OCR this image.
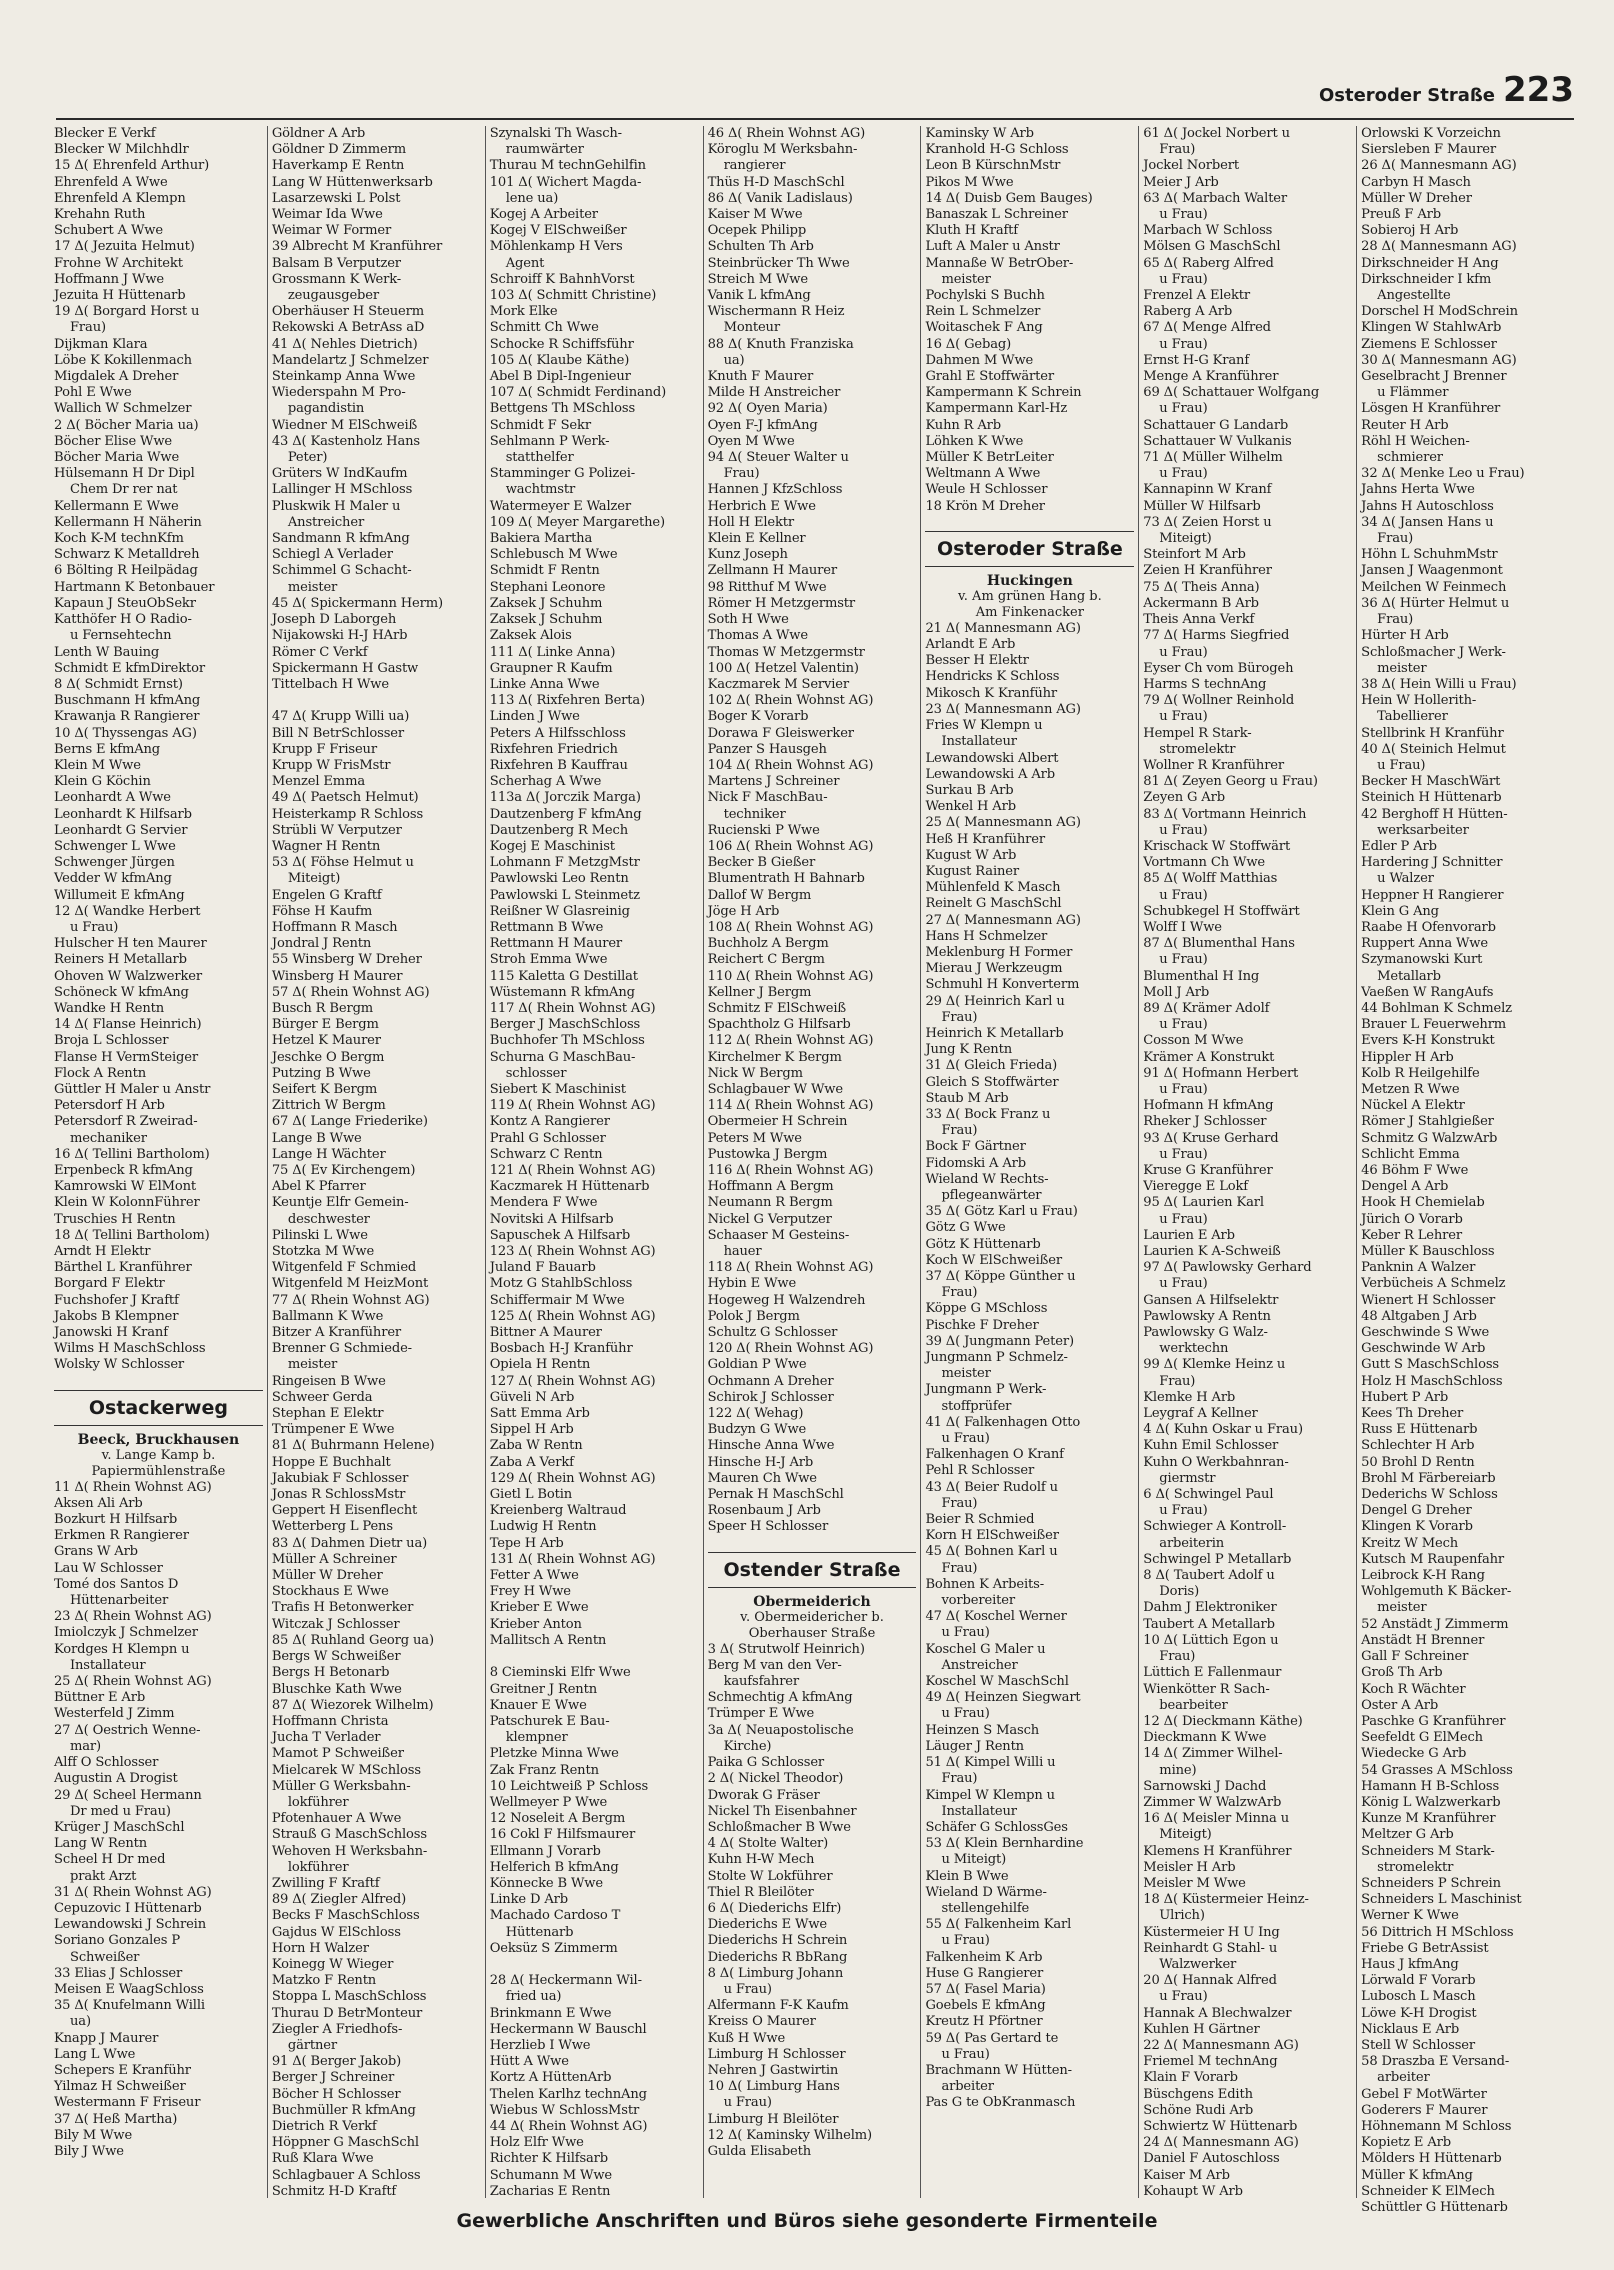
Osteroder Straße 223
Blecker E Verkf
Blecker W Milchhdlr
15 Δ( Ehrenfeld Arthur)
Ehrenfeld A Wwe
Ehrenfeld A Klempn
Krehahn Ruth
Schubert A Wwe
17 Δ( Jezuita Helmut)
Frohne W Architekt
Hoffmann J Wwe
Jezuita H Hüttenarb
19 Δ( Borgard Horst u
Frau)
Dijkman Klara
Löbe K Kokillenmach
Migdalek A Dreher
Pohl E Wwe
Wallich W Schmelzer
2 Δ( Böcher Maria ua)
Böcher Elise Wwe
Böcher Maria Wwe
Hülsemann H Dr Dipl
Chem Dr rer nat
Kellermann E Wwe
Kellermann H Näherin
Koch K-M technKfm
Schwarz K Metalldreh
6 Bölting R Heilpädag
Hartmann K Betonbauer
Kapaun J SteuObSekr
Katthöfer H O Radio-
u Fernsehtechn
Lenth W Bauing
Schmidt E kfmDirektor
8 Δ( Schmidt Ernst)
Buschmann H kfmAng
Krawanja R Rangierer
10 Δ( Thyssengas AG)
Berns E kfmAng
Klein M Wwe
Klein G Köchin
Leonhardt A Wwe
Leonhardt K Hilfsarb
Leonhardt G Servier
Schwenger L Wwe
Schwenger Jürgen
Vedder W kfmAng
Willumeit E kfmAng
12 Δ( Wandke Herbert
u Frau)
Hulscher H ten Maurer
Reiners H Metallarb
Ohoven W Walzwerker
Schöneck W kfmAng
Wandke H Rentn
14 Δ( Flanse Heinrich)
Broja L Schlosser
Flanse H VermSteiger
Flock A Rentn
Güttler H Maler u Anstr
Petersdorf H Arb
Petersdorf R Zweirad-
mechaniker
16 Δ( Tellini Bartholom)
Erpenbeck R kfmAng
Kamrowski W ElMont
Klein W KolonnFührer
Truschies H Rentn
18 Δ( Tellini Bartholom)
Arndt H Elektr
Bärthel L Kranführer
Borgard F Elektr
Fuchshofer J Kraftf
Jakobs B Klempner
Janowski H Kranf
Wilms H MaschSchloss
Wolsky W Schlosser
Ostackerweg
Beeck, Bruckhausen
v. Lange Kamp b.
Papiermühlenstraße
11 Δ( Rhein Wohnst AG)
Aksen Ali Arb
Bozkurt H Hilfsarb
Erkmen R Rangierer
Grans W Arb
Lau W Schlosser
Tomé dos Santos D
Hüttenarbeiter
23 Δ( Rhein Wohnst AG)
Imiolczyk J Schmelzer
Kordges H Klempn u
Installateur
25 Δ( Rhein Wohnst AG)
Büttner E Arb
Westerfeld J Zimm
27 Δ( Oestrich Wenne-
mar)
Alff O Schlosser
Augustin A Drogist
29 Δ( Scheel Hermann
Dr med u Frau)
Krüger J MaschSchl
Lang W Rentn
Scheel H Dr med
prakt Arzt
31 Δ( Rhein Wohnst AG)
Cepuzovic I Hüttenarb
Lewandowski J Schrein
Soriano Gonzales P
Schweißer
33 Elias J Schlosser
Meisen E WaagSchloss
35 Δ( Knufelmann Willi
ua)
Knapp J Maurer
Lang L Wwe
Schepers E Kranführ
Yilmaz H Schweißer
Westermann F Friseur
37 Δ( Heß Martha)
Bily M Wwe
Bily J Wwe
Göldner A Arb
Göldner D Zimmerm
Haverkamp E Rentn
Lang W Hüttenwerksarb
Lasarzewski L Polst
Weimar Ida Wwe
Weimar W Former
39 Albrecht M Kranführer
Balsam B Verputzer
Grossmann K Werk-
zeugausgeber
Oberhäuser H Steuerm
Rekowski A BetrAss aD
41 Δ( Nehles Dietrich)
Mandelartz J Schmelzer
Steinkamp Anna Wwe
Wiederspahn M Pro-
pagandistin
Wiedner M ElSchweiß
43 Δ( Kastenholz Hans
Peter)
Grüters W IndKaufm
Lallinger H MSchloss
Pluskwik H Maler u
Anstreicher
Sandmann R kfmAng
Schiegl A Verlader
Schimmel G Schacht-
meister
45 Δ( Spickermann Herm)
Joseph D Laborgeh
Nijakowski H-J HArb
Römer C Verkf
Spickermann H Gastw
Tittelbach H Wwe

47 Δ( Krupp Willi ua)
Bill N BetrSchlosser
Krupp F Friseur
Krupp W FrisMstr
Menzel Emma
49 Δ( Paetsch Helmut)
Heisterkamp R Schloss
Strübli W Verputzer
Wagner H Rentn
53 Δ( Föhse Helmut u
Miteigt)
Engelen G Kraftf
Föhse H Kaufm
Hoffmann R Masch
Jondral J Rentn
55 Winsberg W Dreher
Winsberg H Maurer
57 Δ( Rhein Wohnst AG)
Busch R Bergm
Bürger E Bergm
Hetzel K Maurer
Jeschke O Bergm
Putzing B Wwe
Seifert K Bergm
Zittrich W Bergm
67 Δ( Lange Friederike)
Lange B Wwe
Lange H Wächter
75 Δ( Ev Kirchengem)
Abel K Pfarrer
Keuntje Elfr Gemein-
deschwester
Pilinski L Wwe
Stotzka M Wwe
Witgenfeld F Schmied
Witgenfeld M HeizMont
77 Δ( Rhein Wohnst AG)
Ballmann K Wwe
Bitzer A Kranführer
Brenner G Schmiede-
meister
Ringeisen B Wwe
Schweer Gerda
Stephan E Elektr
Trümpener E Wwe
81 Δ( Buhrmann Helene)
Hoppe E Buchhalt
Jakubiak F Schlosser
Jonas R SchlossMstr
Geppert H Eisenflecht
Wetterberg L Pens
83 Δ( Dahmen Dietr ua)
Müller A Schreiner
Müller W Dreher
Stockhaus E Wwe
Trafis H Betonwerker
Witczak J Schlosser
85 Δ( Ruhland Georg ua)
Bergs W Schweißer
Bergs H Betonarb
Bluschke Kath Wwe
87 Δ( Wiezorek Wilhelm)
Hoffmann Christa
Jucha T Verlader
Mamot P Schweißer
Mielcarek W MSchloss
Müller G Werksbahn-
lokführer
Pfotenhauer A Wwe
Strauß G MaschSchloss
Wehoven H Werksbahn-
lokführer
Zwilling F Kraftf
89 Δ( Ziegler Alfred)
Becks F MaschSchloss
Gajdus W ElSchloss
Horn H Walzer
Koinegg W Wieger
Matzko F Rentn
Stoppa L MaschSchloss
Thurau D BetrMonteur
Ziegler A Friedhofs-
gärtner
91 Δ( Berger Jakob)
Berger J Schreiner
Böcher H Schlosser
Buchmüller R kfmAng
Dietrich R Verkf
Höppner G MaschSchl
Ruß Klara Wwe
Schlagbauer A Schloss
Schmitz H-D Kraftf
Szynalski Th Wasch-
raumwärter
Thurau M technGehilfin
101 Δ( Wichert Magda-
lene ua)
Kogej A Arbeiter
Kogej V ElSchweißer
Möhlenkamp H Vers
Agent
Schroiff K BahnhVorst
103 Δ( Schmitt Christine)
Mork Elke
Schmitt Ch Wwe
Schocke R Schiffsführ
105 Δ( Klaube Käthe)
Abel B Dipl-Ingenieur
107 Δ( Schmidt Ferdinand)
Bettgens Th MSchloss
Schmidt F Sekr
Sehlmann P Werk-
statthelfer
Stamminger G Polizei-
wachtmstr
Watermeyer E Walzer
109 Δ( Meyer Margarethe)
Bakiera Martha
Schlebusch M Wwe
Schmidt F Rentn
Stephani Leonore
Zaksek J Schuhm
Zaksek J Schuhm
Zaksek Alois
111 Δ( Linke Anna)
Graupner R Kaufm
Linke Anna Wwe
113 Δ( Rixfehren Berta)
Linden J Wwe
Peters A Hilfsschloss
Rixfehren Friedrich
Rixfehren B Kauffrau
Scherhag A Wwe
113a Δ( Jorczik Marga)
Dautzenberg F kfmAng
Dautzenberg R Mech
Kogej E Maschinist
Lohmann F MetzgMstr
Pawlowski Leo Rentn
Pawlowski L Steinmetz
Reißner W Glasreinig
Rettmann B Wwe
Rettmann H Maurer
Stroh Emma Wwe
115 Kaletta G Destillat
Wüstemann R kfmAng
117 Δ( Rhein Wohnst AG)
Berger J MaschSchloss
Buchhofer Th MSchloss
Schurna G MaschBau-
schlosser
Siebert K Maschinist
119 Δ( Rhein Wohnst AG)
Kontz A Rangierer
Prahl G Schlosser
Schwarz C Rentn
121 Δ( Rhein Wohnst AG)
Kaczmarek H Hüttenarb
Mendera F Wwe
Novitski A Hilfsarb
Sapuschek A Hilfsarb
123 Δ( Rhein Wohnst AG)
Juland F Bauarb
Motz G StahlbSchloss
Schiffermair M Wwe
125 Δ( Rhein Wohnst AG)
Bittner A Maurer
Bosbach H-J Kranführ
Opiela H Rentn
127 Δ( Rhein Wohnst AG)
Güveli N Arb
Satt Emma Arb
Sippel H Arb
Zaba W Rentn
Zaba A Verkf
129 Δ( Rhein Wohnst AG)
Gietl L Botin
Kreienberg Waltraud
Ludwig H Rentn
Tepe H Arb
131 Δ( Rhein Wohnst AG)
Fetter A Wwe
Frey H Wwe
Krieber E Wwe
Krieber Anton
Mallitsch A Rentn

8 Cieminski Elfr Wwe
Greitner J Rentn
Knauer E Wwe
Patschurek E Bau-
klempner
Pletzke Minna Wwe
Zak Franz Rentn
10 Leichtweiß P Schloss
Wellmeyer P Wwe
12 Noseleit A Bergm
16 Cokl F Hilfsmaurer
Ellmann J Vorarb
Helferich B kfmAng
Könnecke B Wwe
Linke D Arb
Machado Cardoso T
Hüttenarb
Oeksüz S Zimmerm

28 Δ( Heckermann Wil-
fried ua)
Brinkmann E Wwe
Heckermann W Bauschl
Herzlieb I Wwe
Hütt A Wwe
Kortz A HüttenArb
Thelen Karlhz technAng
Wiebus W SchlossMstr
44 Δ( Rhein Wohnst AG)
Holz Elfr Wwe
Richter K Hilfsarb
Schumann M Wwe
Zacharias E Rentn
46 Δ( Rhein Wohnst AG)
Köroglu M Werksbahn-
rangierer
Thüs H-D MaschSchl
86 Δ( Vanik Ladislaus)
Kaiser M Wwe
Ocepek Philipp
Schulten Th Arb
Steinbrücker Th Wwe
Streich M Wwe
Vanik L kfmAng
Wischermann R Heiz
Monteur
88 Δ( Knuth Franziska
ua)
Knuth F Maurer
Milde H Anstreicher
92 Δ( Oyen Maria)
Oyen F-J kfmAng
Oyen M Wwe
94 Δ( Steuer Walter u
Frau)
Hannen J KfzSchloss
Herbrich E Wwe
Holl H Elektr
Klein E Kellner
Kunz Joseph
Zellmann H Maurer
98 Ritthuf M Wwe
Römer H Metzgermstr
Soth H Wwe
Thomas A Wwe
Thomas W Metzgermstr
100 Δ( Hetzel Valentin)
Kaczmarek M Servier
102 Δ( Rhein Wohnst AG)
Boger K Vorarb
Dorawa F Gleiswerker
Panzer S Hausgeh
104 Δ( Rhein Wohnst AG)
Martens J Schreiner
Nick F MaschBau-
techniker
Rucienski P Wwe
106 Δ( Rhein Wohnst AG)
Becker B Gießer
Blumentrath H Bahnarb
Dallof W Bergm
Jöge H Arb
108 Δ( Rhein Wohnst AG)
Buchholz A Bergm
Reichert C Bergm
110 Δ( Rhein Wohnst AG)
Kellner J Bergm
Schmitz F ElSchweiß
Spachtholz G Hilfsarb
112 Δ( Rhein Wohnst AG)
Kirchelmer K Bergm
Nick W Bergm
Schlagbauer W Wwe
114 Δ( Rhein Wohnst AG)
Obermeier H Schrein
Peters M Wwe
Pustowka J Bergm
116 Δ( Rhein Wohnst AG)
Hoffmann A Bergm
Neumann R Bergm
Nickel G Verputzer
Schaaser M Gesteins-
hauer
118 Δ( Rhein Wohnst AG)
Hybin E Wwe
Hogeweg H Walzendreh
Polok J Bergm
Schultz G Schlosser
120 Δ( Rhein Wohnst AG)
Goldian P Wwe
Ochmann A Dreher
Schirok J Schlosser
122 Δ( Wehag)
Budzyn G Wwe
Hinsche Anna Wwe
Hinsche H-J Arb
Mauren Ch Wwe
Pernak H MaschSchl
Rosenbaum J Arb
Speer H Schlosser
Ostender Straße
Obermeiderich
v. Obermeidericher b.
Oberhauser Straße
3 Δ( Strutwolf Heinrich)
Berg M van den Ver-
kaufsfahrer
Schmechtig A kfmAng
Trümper E Wwe
3a Δ( Neuapostolische
Kirche)
Paika G Schlosser
2 Δ( Nickel Theodor)
Dworak G Fräser
Nickel Th Eisenbahner
Schloßmacher B Wwe
4 Δ( Stolte Walter)
Kuhn H-W Mech
Stolte W Lokführer
Thiel R Bleilöter
6 Δ( Diederichs Elfr)
Diederichs E Wwe
Diederichs H Schrein
Diederichs R BbRang
8 Δ( Limburg Johann
u Frau)
Alfermann F-K Kaufm
Kreiss O Maurer
Kuß H Wwe
Limburg H Schlosser
Nehren J Gastwirtin
10 Δ( Limburg Hans
u Frau)
Limburg H Bleilöter
12 Δ( Kaminsky Wilhelm)
Gulda Elisabeth
Kaminsky W Arb
Kranhold H-G Schloss
Leon B KürschnMstr
Pikos M Wwe
14 Δ( Duisb Gem Bauges)
Banaszak L Schreiner
Kluth H Kraftf
Luft A Maler u Anstr
Mannaße W BetrOber-
meister
Pochylski S Buchh
Rein L Schmelzer
Woitaschek F Ang
16 Δ( Gebag)
Dahmen M Wwe
Grahl E Stoffwärter
Kampermann K Schrein
Kampermann Karl-Hz
Kuhn R Arb
Löhken K Wwe
Müller K BetrLeiter
Weltmann A Wwe
Weule H Schlosser
18 Krön M Dreher
Osteroder Straße
Huckingen
v. Am grünen Hang b.
Am Finkenacker
21 Δ( Mannesmann AG)
Arlandt E Arb
Besser H Elektr
Hendricks K Schloss
Mikosch K Kranführ
23 Δ( Mannesmann AG)
Fries W Klempn u
Installateur
Lewandowski Albert
Lewandowski A Arb
Surkau B Arb
Wenkel H Arb
25 Δ( Mannesmann AG)
Heß H Kranführer
Kugust W Arb
Kugust Rainer
Mühlenfeld K Masch
Reinelt G MaschSchl
27 Δ( Mannesmann AG)
Hans H Schmelzer
Meklenburg H Former
Mierau J Werkzeugm
Schmuhl H Konverterm
29 Δ( Heinrich Karl u
Frau)
Heinrich K Metallarb
Jung K Rentn
31 Δ( Gleich Frieda)
Gleich S Stoffwärter
Staub M Arb
33 Δ( Bock Franz u
Frau)
Bock F Gärtner
Fidomski A Arb
Wieland W Rechts-
pflegeanwärter
35 Δ( Götz Karl u Frau)
Götz G Wwe
Götz K Hüttenarb
Koch W ElSchweißer
37 Δ( Köppe Günther u
Frau)
Köppe G MSchloss
Pischke F Dreher
39 Δ( Jungmann Peter)
Jungmann P Schmelz-
meister
Jungmann P Werk-
stoffprüfer
41 Δ( Falkenhagen Otto
u Frau)
Falkenhagen O Kranf
Pehl R Schlosser
43 Δ( Beier Rudolf u
Frau)
Beier R Schmied
Korn H ElSchweißer
45 Δ( Bohnen Karl u
Frau)
Bohnen K Arbeits-
vorbereiter
47 Δ( Koschel Werner
u Frau)
Koschel G Maler u
Anstreicher
Koschel W MaschSchl
49 Δ( Heinzen Siegwart
u Frau)
Heinzen S Masch
Läuger J Rentn
51 Δ( Kimpel Willi u
Frau)
Kimpel W Klempn u
Installateur
Schäfer G SchlossGes
53 Δ( Klein Bernhardine
u Miteigt)
Klein B Wwe
Wieland D Wärme-
stellengehilfe
55 Δ( Falkenheim Karl
u Frau)
Falkenheim K Arb
Huse G Rangierer
57 Δ( Fasel Maria)
Goebels E kfmAng
Kreutz H Pförtner
59 Δ( Pas Gertard te
u Frau)
Brachmann W Hütten-
arbeiter
Pas G te ObKranmasch
61 Δ( Jockel Norbert u
Frau)
Jockel Norbert
Meier J Arb
63 Δ( Marbach Walter
u Frau)
Marbach W Schloss
Mölsen G MaschSchl
65 Δ( Raberg Alfred
u Frau)
Frenzel A Elektr
Raberg A Arb
67 Δ( Menge Alfred
u Frau)
Ernst H-G Kranf
Menge A Kranführer
69 Δ( Schattauer Wolfgang
u Frau)
Schattauer G Landarb
Schattauer W Vulkanis
71 Δ( Müller Wilhelm
u Frau)
Kannapinn W Kranf
Müller W Hilfsarb
73 Δ( Zeien Horst u
Miteigt)
Steinfort M Arb
Zeien H Kranführer
75 Δ( Theis Anna)
Ackermann B Arb
Theis Anna Verkf
77 Δ( Harms Siegfried
u Frau)
Eyser Ch vom Bürogeh
Harms S technAng
79 Δ( Wollner Reinhold
u Frau)
Hempel R Stark-
stromelektr
Wollner R Kranführer
81 Δ( Zeyen Georg u Frau)
Zeyen G Arb
83 Δ( Vortmann Heinrich
u Frau)
Krischack W Stoffwärt
Vortmann Ch Wwe
85 Δ( Wolff Matthias
u Frau)
Schubkegel H Stoffwärt
Wolff I Wwe
87 Δ( Blumenthal Hans
u Frau)
Blumenthal H Ing
Moll J Arb
89 Δ( Krämer Adolf
u Frau)
Cosson M Wwe
Krämer A Konstrukt
91 Δ( Hofmann Herbert
u Frau)
Hofmann H kfmAng
Rheker J Schlosser
93 Δ( Kruse Gerhard
u Frau)
Kruse G Kranführer
Vieregge E Lokf
95 Δ( Laurien Karl
u Frau)
Laurien E Arb
Laurien K A-Schweiß
97 Δ( Pawlowsky Gerhard
u Frau)
Gansen A Hilfselektr
Pawlowsky A Rentn
Pawlowsky G Walz-
werktechn
99 Δ( Klemke Heinz u
Frau)
Klemke H Arb
Leygraf A Kellner
4 Δ( Kuhn Oskar u Frau)
Kuhn Emil Schlosser
Kuhn O Werkbahnran-
giermstr
6 Δ( Schwingel Paul
u Frau)
Schwieger A Kontroll-
arbeiterin
Schwingel P Metallarb
8 Δ( Taubert Adolf u
Doris)
Dahm J Elektroniker
Taubert A Metallarb
10 Δ( Lüttich Egon u
Frau)
Lüttich E Fallenmaur
Wienkötter R Sach-
bearbeiter
12 Δ( Dieckmann Käthe)
Dieckmann K Wwe
14 Δ( Zimmer Wilhel-
mine)
Sarnowski J Dachd
Zimmer W WalzwArb
16 Δ( Meisler Minna u
Miteigt)
Klemens H Kranführer
Meisler H Arb
Meisler M Wwe
18 Δ( Küstermeier Heinz-
Ulrich)
Küstermeier H U Ing
Reinhardt G Stahl- u
Walzwerker
20 Δ( Hannak Alfred
u Frau)
Hannak A Blechwalzer
Kuhlen H Gärtner
22 Δ( Mannesmann AG)
Friemel M technAng
Klain F Vorarb
Büschgens Edith
Schöne Rudi Arb
Schwiertz W Hüttenarb
24 Δ( Mannesmann AG)
Daniel F Autoschloss
Kaiser M Arb
Kohaupt W Arb
Orlowski K Vorzeichn
Siersleben F Maurer
26 Δ( Mannesmann AG)
Carbyn H Masch
Müller W Dreher
Preuß F Arb
Sobieroj H Arb
28 Δ( Mannesmann AG)
Dirkschneider H Ang
Dirkschneider I kfm
Angestellte
Dorschel H ModSchrein
Klingen W StahlwArb
Ziemens E Schlosser
30 Δ( Mannesmann AG)
Geselbracht J Brenner
u Flämmer
Lösgen H Kranführer
Reuter H Arb
Röhl H Weichen-
schmierer
32 Δ( Menke Leo u Frau)
Jahns Herta Wwe
Jahns H Autoschloss
34 Δ( Jansen Hans u
Frau)
Höhn L SchuhmMstr
Jansen J Waagenmont
Meilchen W Feinmech
36 Δ( Hürter Helmut u
Frau)
Hürter H Arb
Schloßmacher J Werk-
meister
38 Δ( Hein Willi u Frau)
Hein W Hollerith-
Tabellierer
Stellbrink H Kranführ
40 Δ( Steinich Helmut
u Frau)
Becker H MaschWärt
Steinich H Hüttenarb
42 Berghoff H Hütten-
werksarbeiter
Edler P Arb
Hardering J Schnitter
u Walzer
Heppner H Rangierer
Klein G Ang
Raabe H Ofenvorarb
Ruppert Anna Wwe
Szymanowski Kurt
Metallarb
Vaeßen W RangAufs
44 Bohlman K Schmelz
Brauer L Feuerwehrm
Evers K-H Konstrukt
Hippler H Arb
Kolb R Heilgehilfe
Metzen R Wwe
Nückel A Elektr
Römer J Stahlgießer
Schmitz G WalzwArb
Schlicht Emma
46 Böhm F Wwe
Dengel A Arb
Hook H Chemielab
Jürich O Vorarb
Keber R Lehrer
Müller K Bauschloss
Panknin A Walzer
Verbücheis A Schmelz
Wienert H Schlosser
48 Altgaben J Arb
Geschwinde S Wwe
Geschwinde W Arb
Gutt S MaschSchloss
Holz H MaschSchloss
Hubert P Arb
Kees Th Dreher
Russ E Hüttenarb
Schlechter H Arb
50 Brohl D Rentn
Brohl M Färbereiarb
Dederichs W Schloss
Dengel G Dreher
Klingen K Vorarb
Kreitz W Mech
Kutsch M Raupenfahr
Leibrock K-H Rang
Wohlgemuth K Bäcker-
meister
52 Anstädt J Zimmerm
Anstädt H Brenner
Gall F Schreiner
Groß Th Arb
Koch R Wächter
Oster A Arb
Paschke G Kranführer
Seefeldt G ElMech
Wiedecke G Arb
54 Grasses A MSchloss
Hamann H B-Schloss
König L Walzwerkarb
Kunze M Kranführer
Meltzer G Arb
Schneiders M Stark-
stromelektr
Schneiders P Schrein
Schneiders L Maschinist
Werner K Wwe
56 Dittrich H MSchloss
Friebe G BetrAssist
Haus J kfmAng
Lörwald F Vorarb
Lubosch L Masch
Löwe K-H Drogist
Nicklaus E Arb
Stell W Schlosser
58 Draszba E Versand-
arbeiter
Gebel F MotWärter
Goderers F Maurer
Höhnemann M Schloss
Kopietz E Arb
Mölders H Hüttenarb
Müller K kfmAng
Schneider K ElMech
Schüttler G Hüttenarb
Gewerbliche Anschriften und Büros siehe gesonderte Firmenteile
